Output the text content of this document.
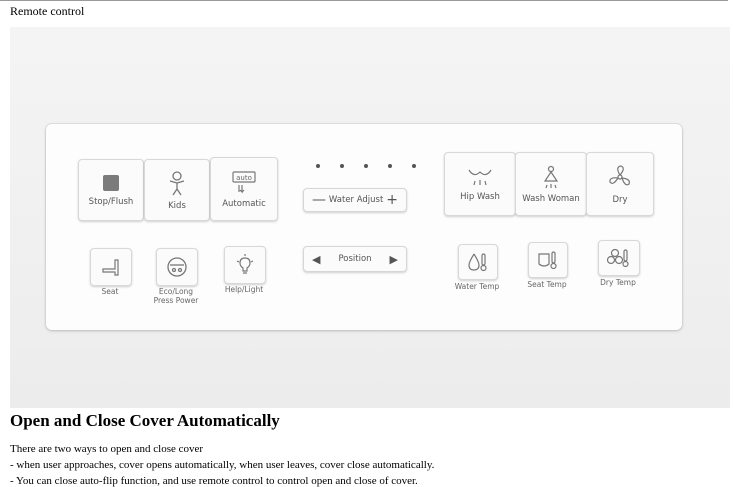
Remote control
Stop/Flush	Kids
auto
Automatic	— Water Adjust +	Hip Wash	Wash Woman	Dry
Seat	Eco/Long
Press Power
Help/Light
◀ Position ▶
Water Temp	Seat Temp	Dry Temp
Open and Close Cover Automatically
There are two ways to open and close cover
- when user approaches, cover opens automatically, when user leaves, cover close automatically.
- You can close auto-flip function, and use remote control to control open and close of cover.
